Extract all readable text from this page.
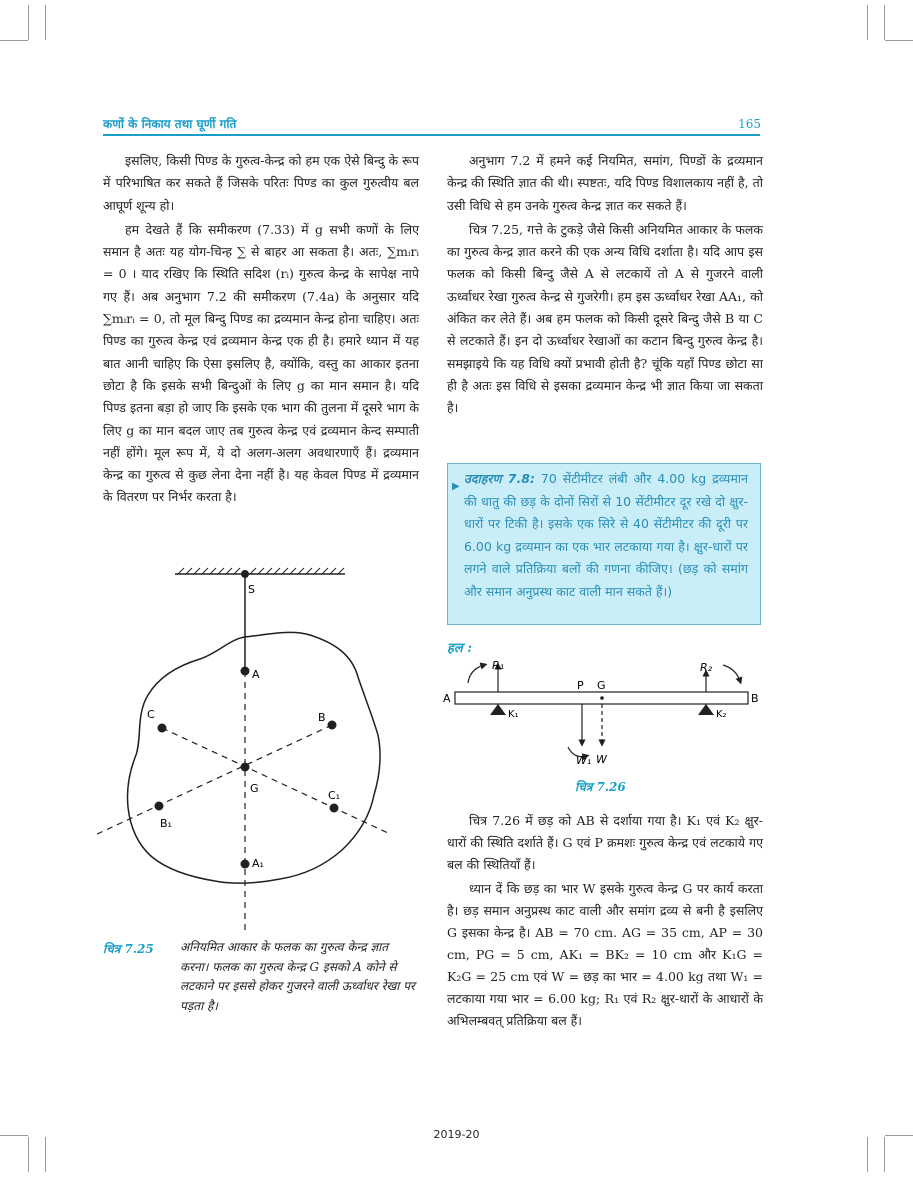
कणों के निकाय तथा घूर्णी गति	165

इसलिए, किसी पिण्ड के गुरुत्व-केन्द्र को हम एक ऐसे बिन्दु के रूप में परिभाषित कर सकते हैं जिसके परितः पिण्ड का कुल गुरुत्वीय बल आघूर्ण शून्य हो।

हम देखते हैं कि समीकरण (7.33) में g सभी कणों के लिए समान है अतः यह योग-चिन्ह ∑ से बाहर आ सकता है। अतः, ∑mᵢrᵢ = 0 । याद रखिए कि स्थिति सदिश (rᵢ) गुरुत्व केन्द्र के सापेक्ष नापे गए हैं। अब अनुभाग 7.2 की समीकरण (7.4a) के अनुसार यदि ∑mᵢrᵢ = 0, तो मूल बिन्दु पिण्ड का द्रव्यमान केन्द्र होना चाहिए। अतः पिण्ड का गुरुत्व केन्द्र एवं द्रव्यमान केन्द्र एक ही है। हमारे ध्यान में यह बात आनी चाहिए कि ऐसा इसलिए है, क्योंकि, वस्तु का आकार इतना छोटा है कि इसके सभी बिन्दुओं के लिए g का मान समान है। यदि पिण्ड इतना बड़ा हो जाए कि इसके एक भाग की तुलना में दूसरे भाग के लिए g का मान बदल जाए तब गुरुत्व केन्द्र एवं द्रव्यमान केन्द सम्पाती नहीं होंगे। मूल रूप में, ये दो अलग-अलग अवधारणाएँ हैं। द्रव्यमान केन्द्र का गुरुत्व से कुछ लेना देना नहीं है। यह केवल पिण्ड में द्रव्यमान के वितरण पर निर्भर करता है।

S
A
C	B
G
C₁
B₁
A₁
चित्र 7.25 अनियमित आकार के फलक का गुरुत्व केन्द्र ज्ञात करना। फलक का गुरुत्व केन्द्र G इसको A कोने से लटकाने पर इससे होकर गुजरने वाली ऊर्ध्वाधर रेखा पर पड़ता है।

अनुभाग 7.2 में हमने कई नियमित, समांग, पिण्डों के द्रव्यमान केन्द्र की स्थिति ज्ञात की थी। स्पष्टतः, यदि पिण्ड विशालकाय नहीं है, तो उसी विधि से हम उनके गुरुत्व केन्द्र ज्ञात कर सकते हैं।

चित्र 7.25, गत्ते के टुकड़े जैसे किसी अनियमित आकार के फलक का गुरुत्व केन्द्र ज्ञात करने की एक अन्य विधि दर्शाता है। यदि आप इस फलक को किसी बिन्दु जैसे A से लटकायें तो A से गुजरने वाली ऊर्ध्वाधर रेखा गुरुत्व केन्द्र से गुजरेगी। हम इस ऊर्ध्वाधर रेखा AA₁, को अंकित कर लेते हैं। अब हम फलक को किसी दूसरे बिन्दु जैसे B या C से लटकाते हैं। इन दो ऊर्ध्वाधर रेखाओं का कटान बिन्दु गुरुत्व केन्द्र है। समझाइये कि यह विधि क्यों प्रभावी होती है? चूंकि यहाँ पिण्ड छोटा सा ही है अतः इस विधि से इसका द्रव्यमान केन्द्र भी ज्ञात किया जा सकता है।

▶
उदाहरण 7.8: 70 सेंटीमीटर लंबी और 4.00 kg द्रव्यमान की धातु की छड़ के दोनों सिरों से 10 सेंटीमीटर दूर रखे दो क्षुर-धारों पर टिकी है। इसके एक सिरे से 40 सेंटीमीटर की दूरी पर 6.00 kg द्रव्यमान का एक भार लटकाया गया है। क्षुर-धारों पर लगने वाले प्रतिक्रिया बलों की गणना कीजिए। (छड़ को समांग और समान अनुप्रस्थ काट वाली मान सकते हैं।)
हल :
A	B
R₁	R₂
K₁	K₂
P G
W₁ W
चित्र 7.26

चित्र 7.26 में छड़ को AB से दर्शाया गया है। K₁ एवं K₂ क्षुर-धारों की स्थिति दर्शाते हैं। G एवं P क्रमशः गुरुत्व केन्द्र एवं लटकाये गए बल की स्थितियाँ हैं।

ध्यान दें कि छड़ का भार W इसके गुरुत्व केन्द्र G पर कार्य करता है। छड़ समान अनुप्रस्थ काट वाली और समांग द्रव्य से बनी है इसलिए G इसका केन्द्र है। AB = 70 cm. AG = 35 cm, AP = 30 cm, PG = 5 cm, AK₁ = BK₂ = 10 cm और K₁G = K₂G = 25 cm एवं W = छड़ का भार = 4.00 kg तथा W₁ = लटकाया गया भार = 6.00 kg; R₁ एवं R₂ क्षुर-धारों के आधारों के अभिलम्बवत् प्रतिक्रिया बल हैं।

2019-20
